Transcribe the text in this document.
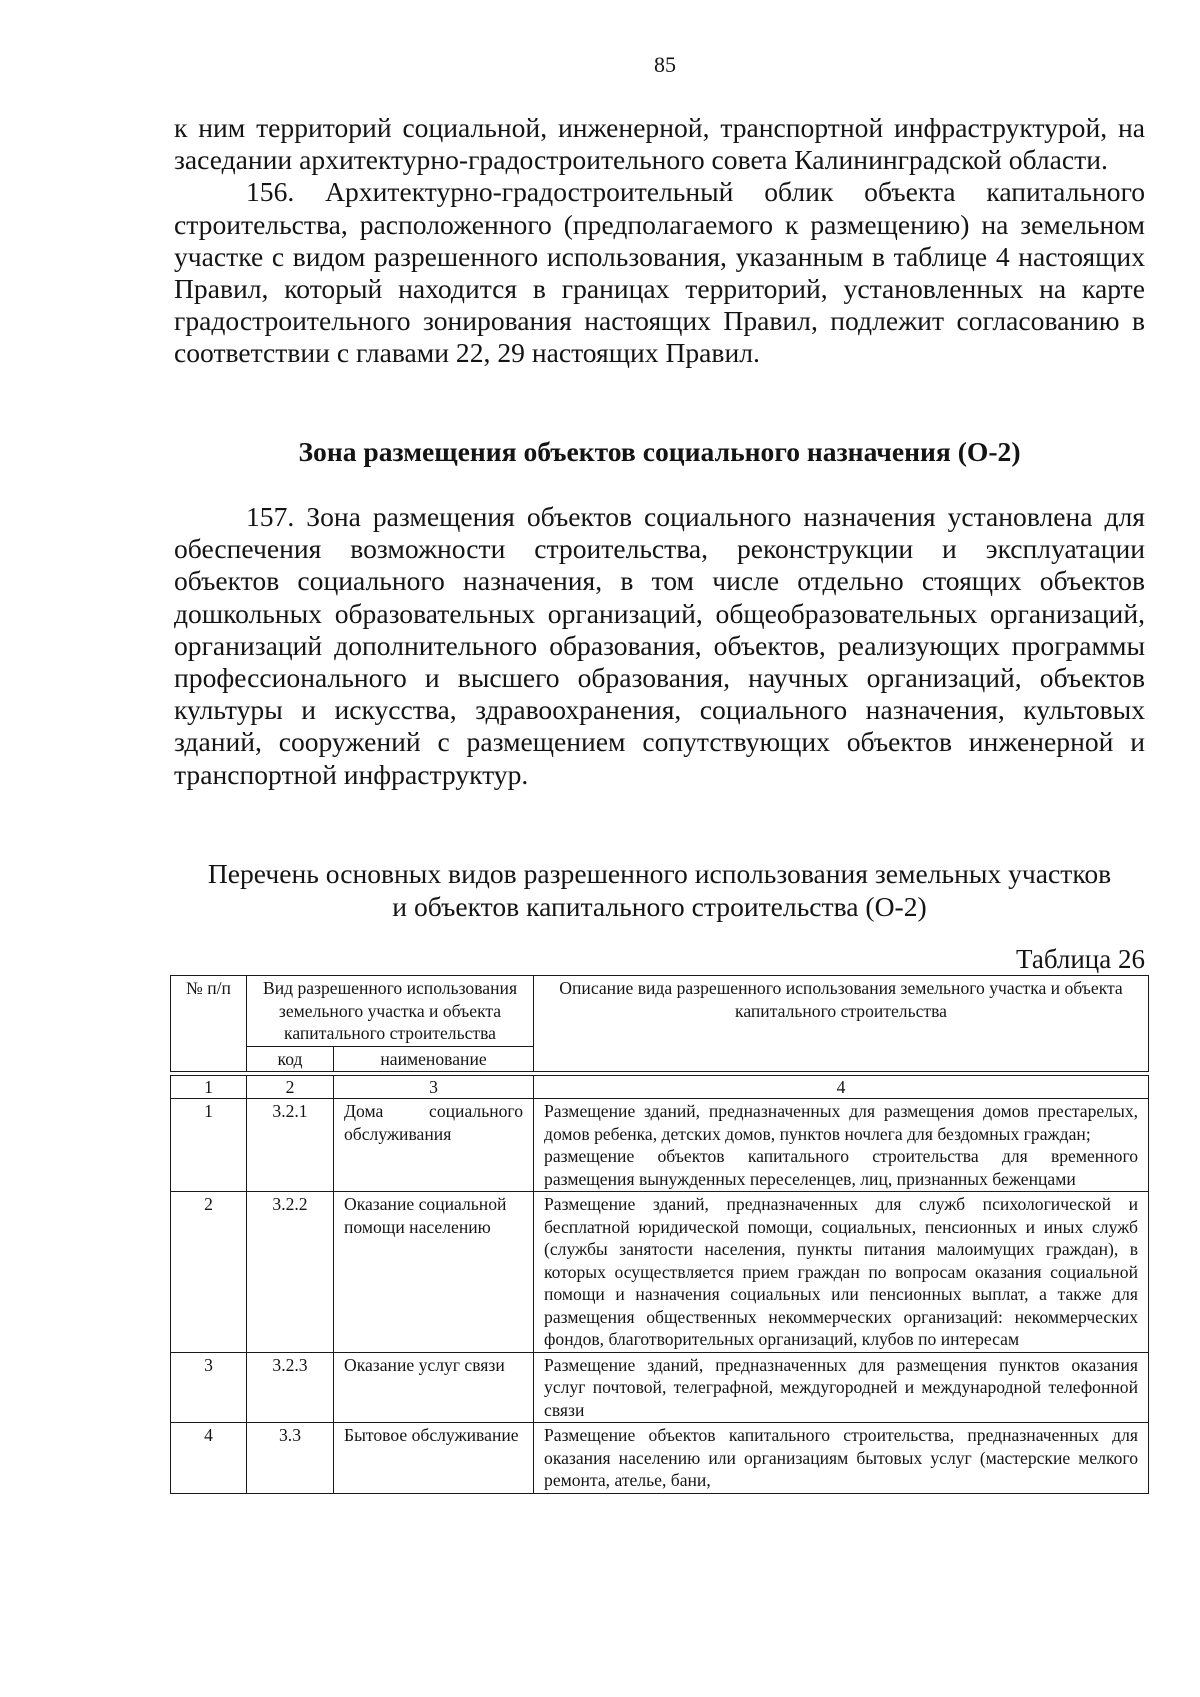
85

к ним территорий социальной, инженерной, транспортной инфраструктурой, на заседании архитектурно-градостроительного совета Калининградской области.

156. Архитектурно-градостроительный облик объекта капитального строительства, расположенного (предполагаемого к размещению) на земельном участке с видом разрешенного использования, указанным в таблице 4 настоящих Правил, который находится в границах территорий, установленных на карте градостроительного зонирования настоящих Правил, подлежит согласованию в соответствии с главами 22, 29 настоящих Правил.

Зона размещения объектов социального назначения (О-2)
157. Зона размещения объектов социального назначения установлена для обеспечения возможности строительства, реконструкции и эксплуатации объектов социального назначения, в том числе отдельно стоящих объектов дошкольных образовательных организаций, общеобразовательных организаций, организаций дополнительного образования, объектов, реализующих программы профессионального и высшего образования, научных организаций, объектов культуры и искусства, здравоохранения, социального назначения, культовых зданий, сооружений с размещением сопутствующих объектов инженерной и транспортной инфраструктур.
Перечень основных видов разрешенного использования земельных участков
и объектов капитального строительства (О-2)
Таблица 26
№ п/п	Вид разрешенного использования земельного участка и объекта капитального строительства		Описание вида разрешенного использования земельного участка и объекта капитального строительства
	код	наименование	

1	2	3	4
1	3.2.1	Дома социального обслуживания	Размещение зданий, предназначенных для размещения домов престарелых, домов ребенка, детских домов, пунктов ночлега для бездомных граждан;
размещение объектов капитального строительства для временного размещения вынужденных переселенцев, лиц, признанных беженцами

2	3.2.2	Оказание социальной помощи населению	Размещение зданий, предназначенных для служб психологической и бесплатной юридической помощи, социальных, пенсионных и иных служб (службы занятости населения, пункты питания малоимущих граждан), в которых осуществляется прием граждан по вопросам оказания социальной помощи и назначения социальных или пенсионных выплат, а также для размещения общественных некоммерческих организаций: некоммерческих фондов, благотворительных организаций, клубов по интересам
3	3.2.3	Оказание услуг связи	Размещение зданий, предназначенных для размещения пунктов оказания услуг почтовой, телеграфной, междугородней и международной телефонной связи
4	3.3	Бытовое обслуживание	Размещение объектов капитального строительства, предназначенных для оказания населению или организациям бытовых услуг (мастерские мелкого ремонта, ателье, бани,
